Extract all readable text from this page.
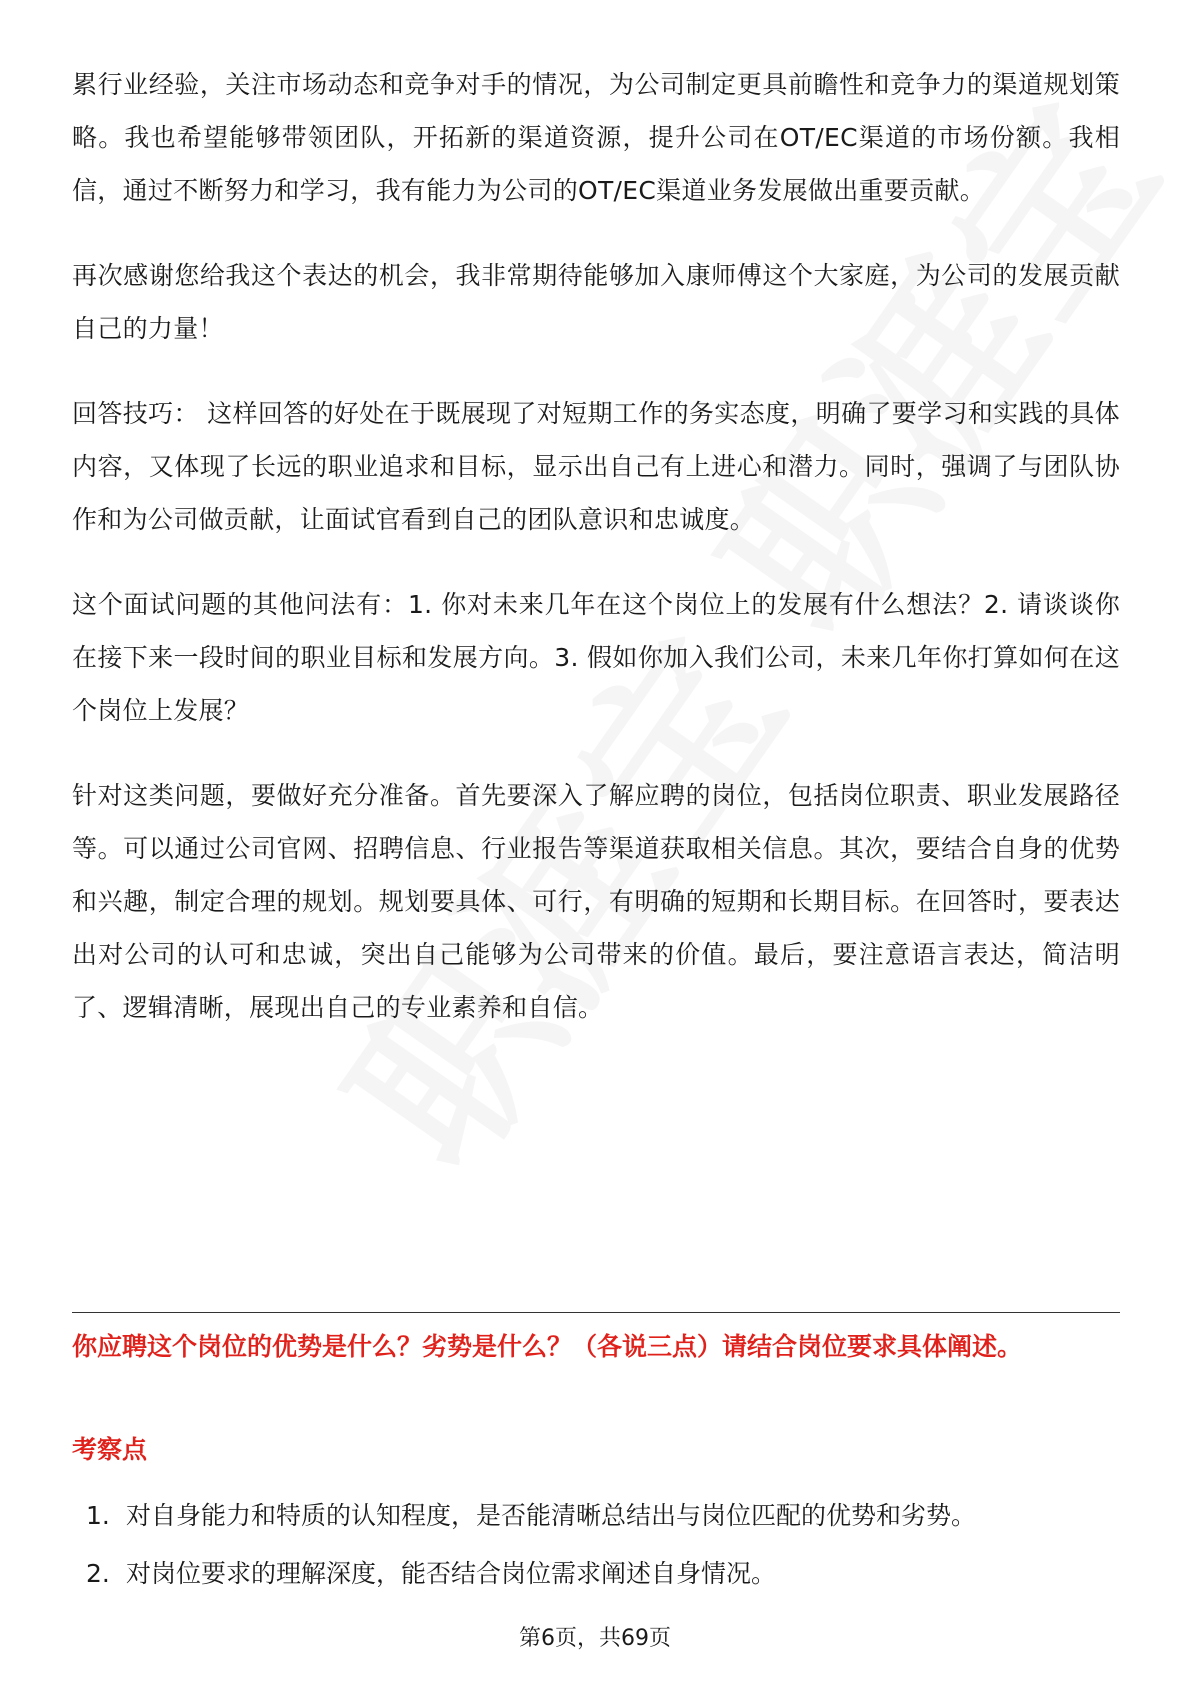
累行业经验，关注市场动态和竞争对手的情况，为公司制定更具前瞻性和竞争力的渠道规划策略。我也希望能够带领团队，开拓新的渠道资源，提升公司在OT/EC渠道的市场份额。我相信，通过不断努力和学习，我有能力为公司的OT/EC渠道业务发展做出重要贡献。

再次感谢您给我这个表达的机会，我非常期待能够加入康师傅这个大家庭，为公司的发展贡献自己的力量！

回答技巧： 这样回答的好处在于既展现了对短期工作的务实态度，明确了要学习和实践的具体内容，又体现了长远的职业追求和目标，显示出自己有上进心和潜力。同时，强调了与团队协作和为公司做贡献，让面试官看到自己的团队意识和忠诚度。

这个面试问题的其他问法有：1. 你对未来几年在这个岗位上的发展有什么想法？2. 请谈谈你在接下来一段时间的职业目标和发展方向。3. 假如你加入我们公司，未来几年你打算如何在这个岗位上发展？

针对这类问题，要做好充分准备。首先要深入了解应聘的岗位，包括岗位职责、职业发展路径等。可以通过公司官网、招聘信息、行业报告等渠道获取相关信息。其次，要结合自身的优势和兴趣，制定合理的规划。规划要具体、可行，有明确的短期和长期目标。在回答时，要表达出对公司的认可和忠诚，突出自己能够为公司带来的价值。最后，要注意语言表达，简洁明了、逻辑清晰，展现出自己的专业素养和自信。

你应聘这个岗位的优势是什么？劣势是什么？（各说三点）请结合岗位要求具体阐述。
考察点
1. 对自身能力和特质的认知程度，是否能清晰总结出与岗位匹配的优势和劣势。
2. 对岗位要求的理解深度，能否结合岗位需求阐述自身情况。
第6页，共69页
